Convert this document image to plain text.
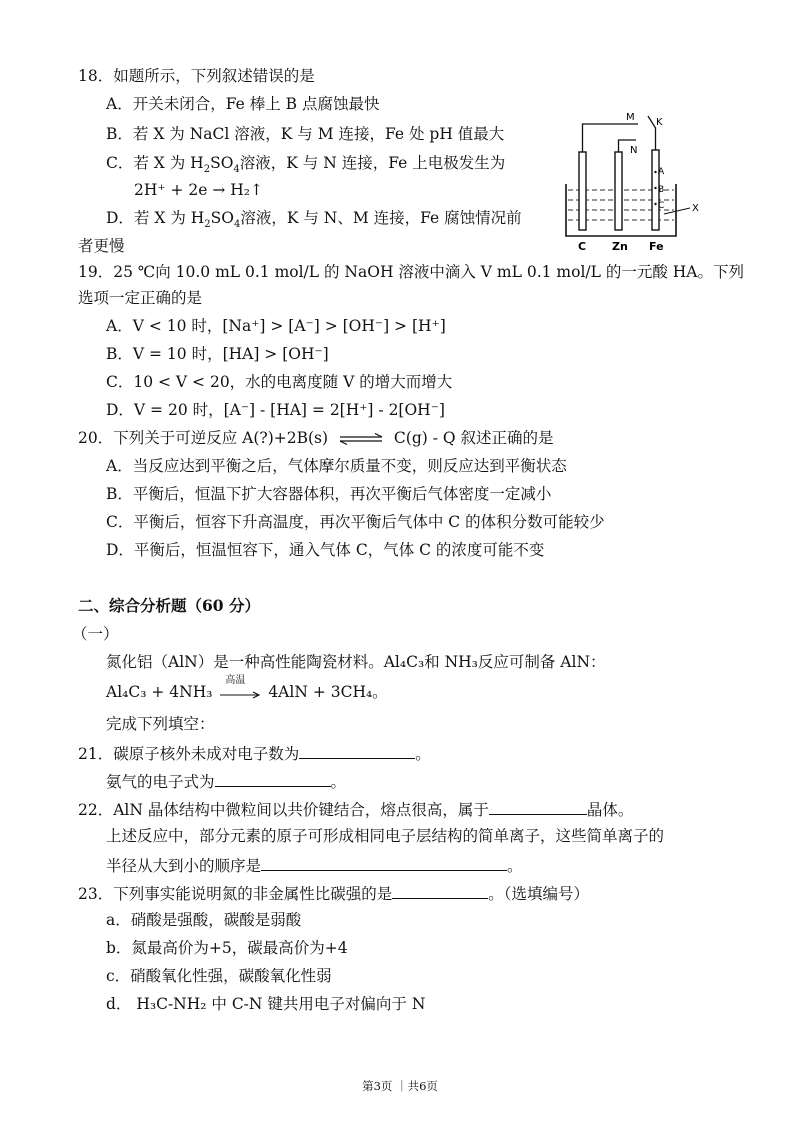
18．如题所示，下列叙述错误的是
A．开关未闭合，Fe 棒上 B 点腐蚀最快
B．若 X 为 NaCl 溶液，K 与 M 连接，Fe 处 pH 值最大
C．若 X 为 $H_2SO_4$溶液，K 与 N 连接，Fe 上电极发生为
2H⁺ + 2e → H₂↑
D．若 X 为 $H_2SO_4$溶液，K 与 N、M 连接，Fe 腐蚀情况前
者更慢
M K
N
A
B
C	X
C Zn Fe
19．25 ℃向 10.0 mL 0.1 mol/L 的 NaOH 溶液中滴入 V mL 0.1 mol/L 的一元酸 HA。下列
选项一定正确的是
A．V < 10 时，[Na⁺] > [A⁻] > [OH⁻] > [H⁺]
B．V = 10 时，[HA] > [OH⁻]
C．10 < V < 20，水的电离度随 V 的增大而增大
D．V = 20 时，[A⁻] - [HA] = 2[H⁺] - 2[OH⁻]
20．下列关于可逆反应 A(?)+2B(s) ⇌ C(g) - Q 叙述正确的是
A．当反应达到平衡之后，气体摩尔质量不变，则反应达到平衡状态
B．平衡后，恒温下扩大容器体积，再次平衡后气体密度一定减小
C．平衡后，恒容下升高温度，再次平衡后气体中 C 的体积分数可能较少
D．平衡后，恒温恒容下，通入气体 C，气体 C 的浓度可能不变
二、综合分析题（60 分）
（一）
氮化铝（AlN）是一种高性能陶瓷材料。Al₄C₃和 NH₃反应可制备 AlN：
Al₄C₃ + 4NH₃
高温
4AlN + 3CH₄。
完成下列填空：
21．碳原子核外未成对电子数为	。
氨气的电子式为	。
22．AlN 晶体结构中微粒间以共价键结合，熔点很高，属于	晶体。
上述反应中，部分元素的原子可形成相同电子层结构的简单离子，这些简单离子的
半径从大到小的顺序是	。
23．下列事实能说明氮的非金属性比碳强的是	。（选填编号）
a．硝酸是强酸，碳酸是弱酸
b．氮最高价为+5，碳最高价为+4
c．硝酸氧化性强，碳酸氧化性弱
d． H₃C-NH₂ 中 C-N 键共用电子对偏向于 N
第3页 ｜共6页
